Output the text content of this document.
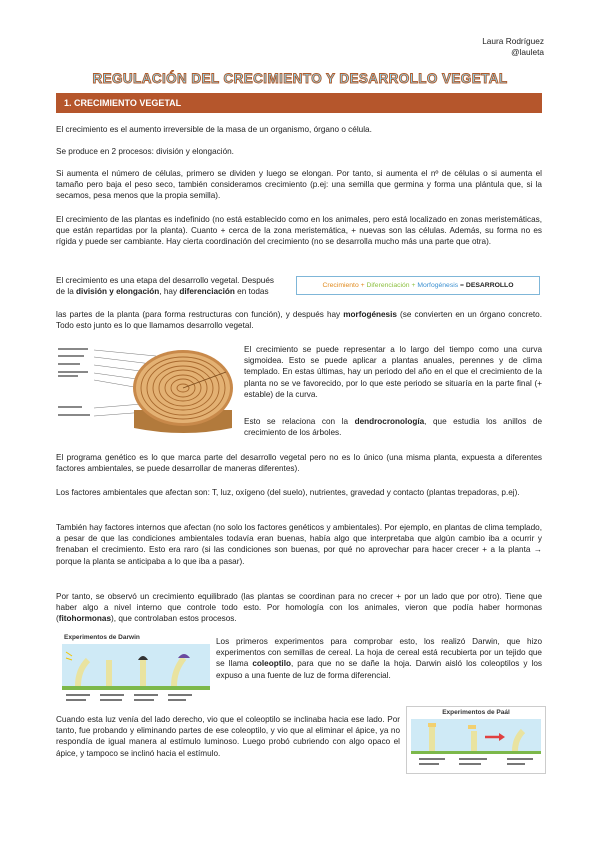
Laura Rodríguez
@lauleta
REGULACIÓN DEL CRECIMIENTO Y DESARROLLO VEGETAL
1. CRECIMIENTO VEGETAL

El crecimiento es el aumento irreversible de la masa de un organismo, órgano o célula.

Se produce en 2 procesos: división y elongación.

Si aumenta el número de células, primero se dividen y luego se elongan. Por tanto, si aumenta el nº de células o si aumenta el tamaño pero baja el peso seco, también consideramos crecimiento (p.ej: una semilla que germina y forma una plántula que, si la secamos, pesa menos que la propia semilla).

El crecimiento de las plantas es indefinido (no está establecido como en los animales, pero está localizado en zonas meristemáticas, que están repartidas por la planta). Cuanto + cerca de la zona meristemática, + nuevas son las células. Además, su forma no es rígida y puede ser cambiante. Hay cierta coordinación del crecimiento (no se desarrolla mucho más una parte que otra).

El crecimiento es una etapa del desarrollo vegetal. Después de la división y elongación, hay diferenciación en todas

las partes de la planta (para forma restructuras con función), y después hay morfogénesis (se convierten en un órgano concreto. Todo esto junto es lo que llamamos desarrollo vegetal.

Crecimiento + Diferenciación + Morfogénesis = DESARROLLO

El crecimiento se puede representar a lo largo del tiempo como una curva sigmoidea. Esto se puede aplicar a plantas anuales, perennes y de clima templado. En estas últimas, hay un periodo del año en el que el crecimiento de la planta no se ve favorecido, por lo que este periodo se situaría en la parte final (+ estable) de la curva.

Esto se relaciona con la dendrocronología, que estudia los anillos de crecimiento de los árboles.

El programa genético es lo que marca parte del desarrollo vegetal pero no es lo único (una misma planta, expuesta a diferentes factores ambientales, se puede desarrollar de maneras diferentes).

Los factores ambientales que afectan son: T, luz, oxígeno (del suelo), nutrientes, gravedad y contacto (plantas trepadoras, p.ej).

También hay factores internos que afectan (no solo los factores genéticos y ambientales). Por ejemplo, en plantas de clima templado, a pesar de que las condiciones ambientales todavía eran buenas, había algo que interpretaba que algún cambio iba a ocurrir y frenaban el crecimiento. Esto era raro (si las condiciones son buenas, por qué no aprovechar para hacer crecer + a la planta → porque la planta se anticipaba a lo que iba a pasar).

Por tanto, se observó un crecimiento equilibrado (las plantas se coordinan para no crecer + por un lado que por otro). Tiene que haber algo a nivel interno que controle todo esto. Por homología con los animales, vieron que podía haber hormonas (fitohormonas), que controlaban estos procesos.

Experimentos de Darwin	Los primeros experimentos para comprobar esto, los realizó Darwin, que hizo experimentos con semillas de cereal. La hoja de cereal está recubierta por un tejido que se llama coleoptilo, para que no se dañe la hoja. Darwin aisló los coleoptilos y los expuso a una fuente de luz de forma diferencial.

Cuando esta luz venía del lado derecho, vio que el coleoptilo se inclinaba hacia ese lado. Por tanto, fue probando y eliminando partes de ese coleoptilo, y vio que al eliminar el ápice, ya no respondía de igual manera al estímulo luminoso. Luego probó cubriendo con algo opaco el ápice, y tampoco se inclinó hacia el estímulo.

Experimentos de Paál
